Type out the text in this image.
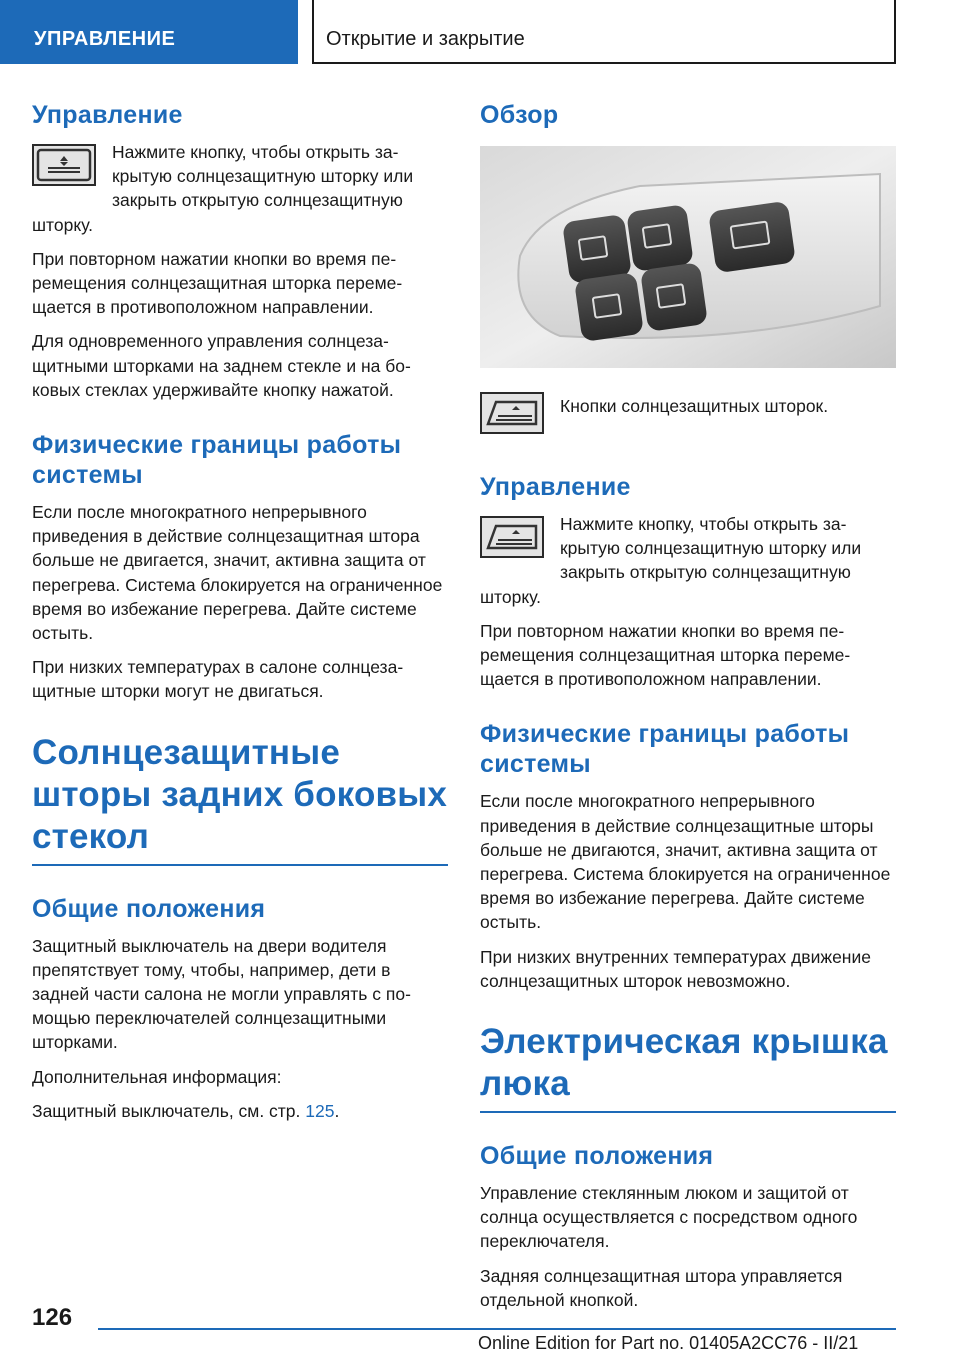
УПРАВЛЕНИЕ	Открытие и закрытие
Управление

Нажмите кнопку, чтобы открыть закрытую солнцезащитную шторку или закрыть открытую солнцезащитную шторку.

При повторном нажатии кнопки во время перемещения солнцезащитная шторка перемещается в противоположном направлении.

Для одновременного управления солнцезащитными шторками на заднем стекле и на боковых стеклах удерживайте кнопку нажатой.

Физические границы работы системы

Если после многократного непрерывного приведения в действие солнцезащитная штора больше не двигается, значит, активна защита от перегрева. Система блокируется на ограниченное время во избежание перегрева. Дайте системе остыть.

При низких температурах в салоне солнцезащитные шторки могут не двигаться.

Солнцезащитные шторы задних боковых стекол
Общие положения

Защитный выключатель на двери водителя препятствует тому, чтобы, например, дети в задней части салона не могли управлять с помощью переключателей солнцезащитными шторками.

Дополнительная информация:

Защитный выключатель, см. стр. 125.

Обзор

Кнопки солнцезащитных шторок.

Управление

Нажмите кнопку, чтобы открыть закрытую солнцезащитную шторку или закрыть открытую солнцезащитную шторку.

При повторном нажатии кнопки во время перемещения солнцезащитная шторка перемещается в противоположном направлении.

Физические границы работы системы

Если после многократного непрерывного приведения в действие солнцезащитные шторы больше не двигаются, значит, активна защита от перегрева. Система блокируется на ограниченное время во избежание перегрева. Дайте системе остыть.

При низких внутренних температурах движение солнцезащитных шторок невозможно.

Электрическая крышка люка
Общие положения

Управление стеклянным люком и защитой от солнца осуществляется с посредством одного переключателя.

Задняя солнцезащитная штора управляется отдельной кнопкой.

126
Online Edition for Part no. 01405A2CC76 - II/21
